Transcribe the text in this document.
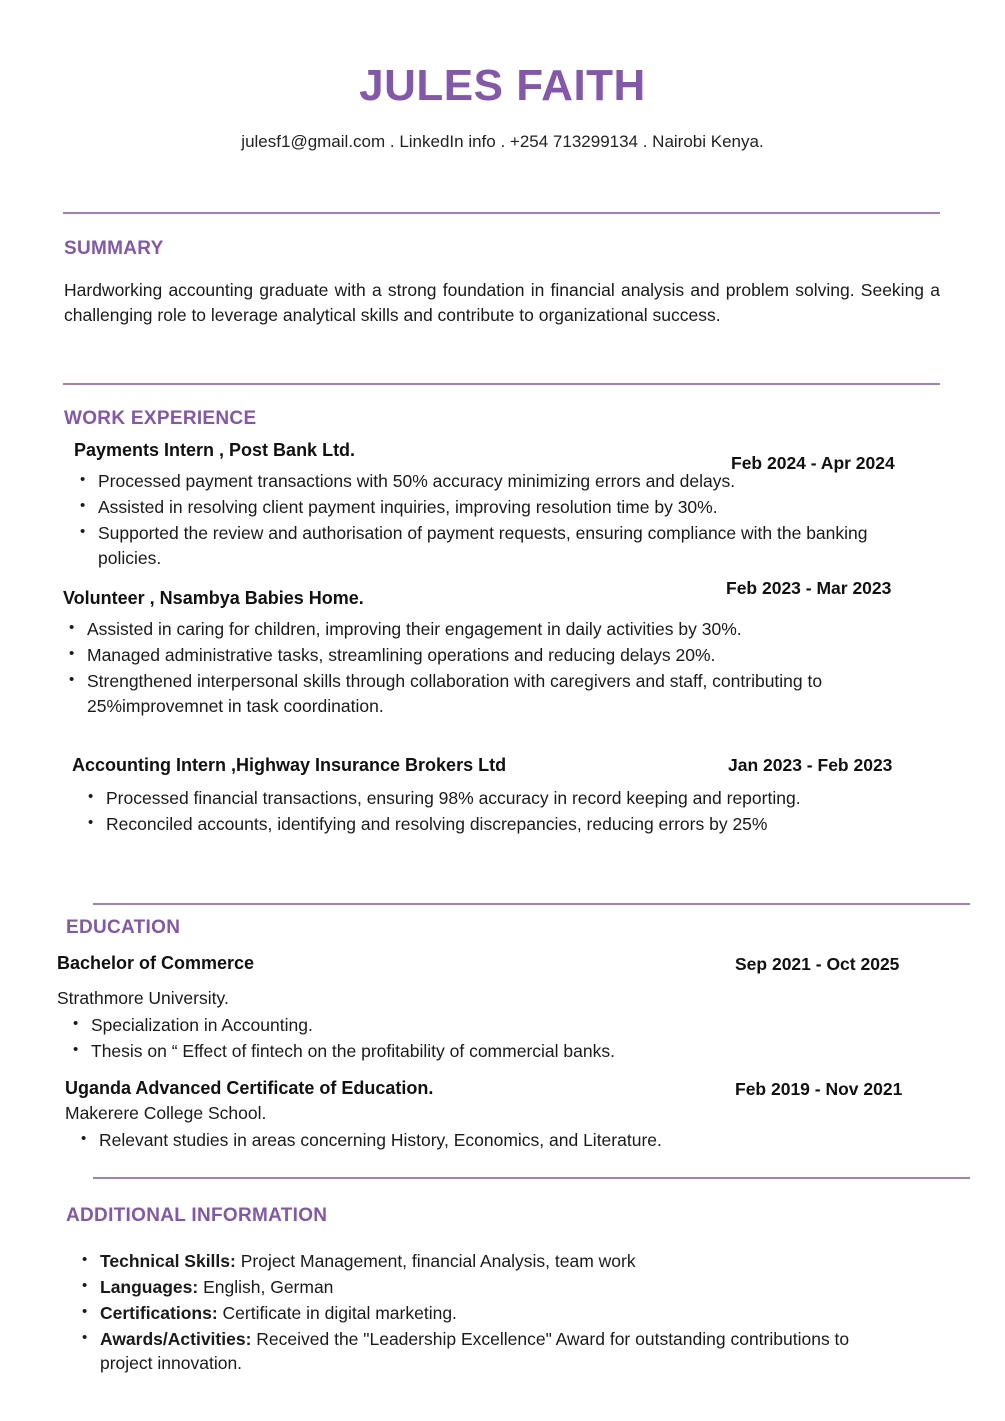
JULES FAITH
julesf1@gmail.com . LinkedIn info . +254 713299134 . Nairobi Kenya.
SUMMARY
Hardworking accounting graduate with a strong foundation in financial analysis and problem solving. Seeking a challenging role to leverage analytical skills and contribute to organizational success.
WORK EXPERIENCE
Payments Intern , Post Bank Ltd.
• Processed payment transactions with 50% accuracy minimizing errors and delays.
• Assisted in resolving client payment inquiries, improving resolution time by 30%.
• Supported the review and authorisation of payment requests, ensuring compliance with the banking policies.
Feb 2024 - Apr 2024
Volunteer , Nsambya Babies Home.
• Assisted in caring for children, improving their engagement in daily activities by 30%.
• Managed administrative tasks, streamlining operations and reducing delays 20%.
• Strengthened interpersonal skills through collaboration with caregivers and staff, contributing to 25%improvemnet in task coordination.
Feb 2023 - Mar 2023
Accounting Intern ,Highway Insurance Brokers Ltd
• Processed financial transactions, ensuring 98% accuracy in record keeping and reporting.
• Reconciled accounts, identifying and resolving discrepancies, reducing errors by 25%
Jan 2023 - Feb 2023
EDUCATION
Bachelor of Commerce
Strathmore University.
• Specialization in Accounting.
• Thesis on “ Effect of fintech on the profitability of commercial banks.
Sep 2021 - Oct 2025
Uganda Advanced Certificate of Education.
Makerere College School.
• Relevant studies in areas concerning History, Economics, and Literature.
Feb 2019 - Nov 2021
ADDITIONAL INFORMATION
• Technical Skills: Project Management, financial Analysis, team work
• Languages: English, German
• Certifications: Certificate in digital marketing.
• Awards/Activities: Received the "Leadership Excellence" Award for outstanding contributions to project innovation.
